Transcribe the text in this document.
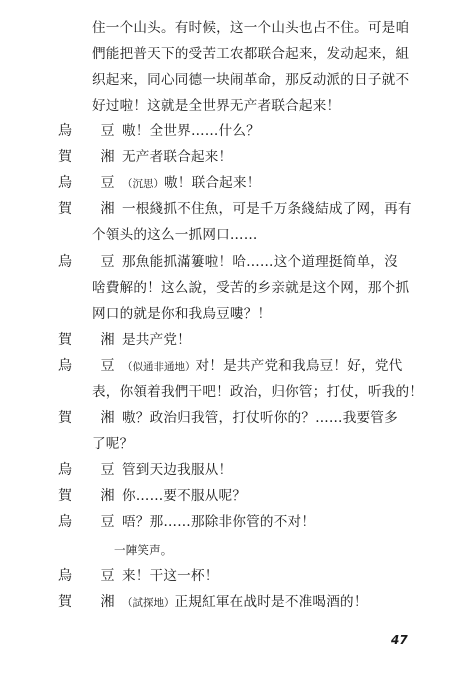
住一个山头。有时候，这一个山头也占不住。可是咱
們能把普天下的受苦工农都联合起来，发动起来，組
织起来，同心同德一块闹革命，那反动派的日子就不
好过啦！这就是全世界无产者联合起来！
烏 豆
嗷！全世界……什么？
賀 湘
无产者联合起来！
烏 豆
（沉思）嗷！联合起来！
賀 湘
一根綫抓不住魚，可是千万条綫結成了网，再有
个領头的这么一抓网口……
烏 豆
那魚能抓滿簍啦！哈……这个道理挺简单，沒
啥費解的！这么說，受苦的乡亲就是这个网，那个抓
网口的就是你和我烏豆嘍？！
賀 湘
是共产党！
烏 豆
（似通非通地）对！是共产党和我烏豆！好，党代
表，你領着我們干吧！政治，归你管；打仗，听我的！
賀 湘
嗷？政治归我管，打仗听你的？……我要管多
了呢？
烏 豆
管到天边我服从！
賀 湘
你……要不服从呢？
烏 豆
唔？那……那除非你管的不对！
一陣笑声。
烏 豆
来！干这一杯！
賀 湘
（試探地）正規紅軍在战时是不准喝酒的！
47
